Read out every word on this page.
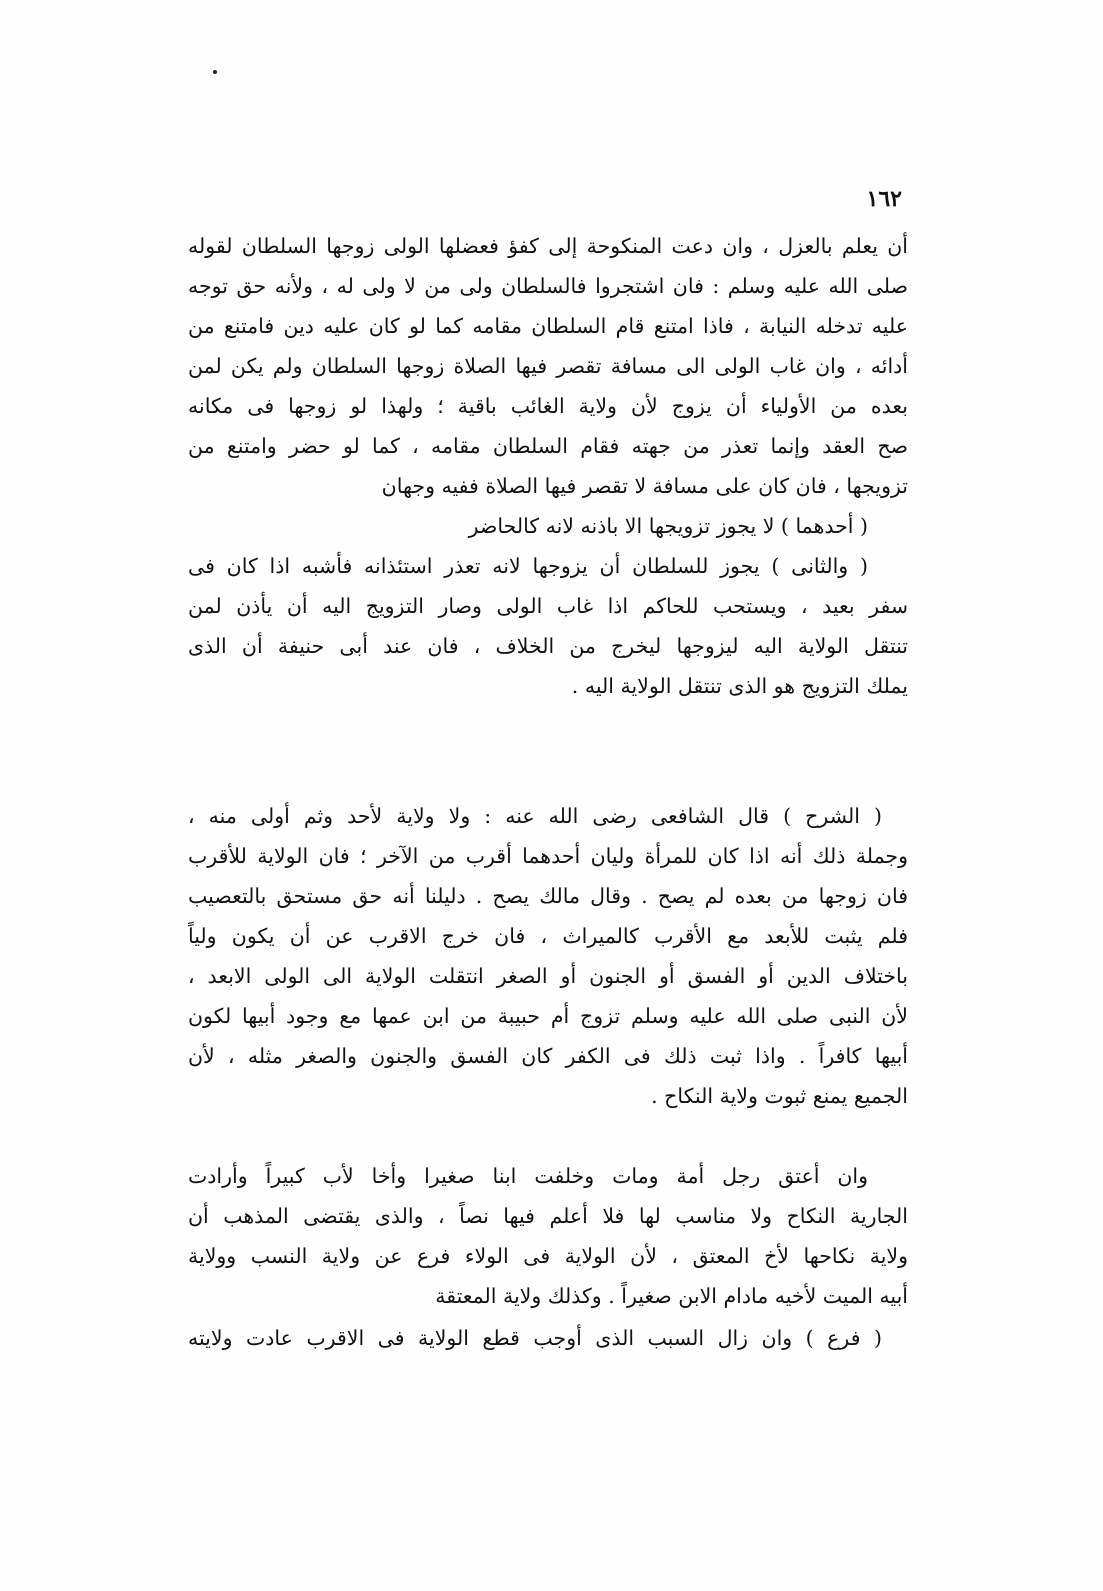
١٦٢
أن يعلم بالعزل ، وان دعت المنكوحة إلى كفؤ فعضلها الولى زوجها السلطان لقوله
صلى الله عليه وسلم : فان اشتجروا فالسلطان ولى من لا ولى له ، ولأنه حق توجه
عليه تدخله النيابة ، فاذا امتنع قام السلطان مقامه كما لو كان عليه دين فامتنع من
أدائه ، وان غاب الولى الى مسافة تقصر فيها الصلاة زوجها السلطان ولم يكن لمن
بعده من الأولياء أن يزوج لأن ولاية الغائب باقية ؛ ولهذا لو زوجها فى مكانه
صح العقد وإنما تعذر من جهته فقام السلطان مقامه ، كما لو حضر وامتنع من
تزويجها ، فان كان على مسافة لا تقصر فيها الصلاة ففيه وجهان
( أحدهما ) لا يجوز تزويجها الا باذنه لانه كالحاضر
( والثانى ) يجوز للسلطان أن يزوجها لانه تعذر استئذانه فأشبه اذا كان فى
سفر بعيد ، ويستحب للحاكم اذا غاب الولى وصار التزويج اليه أن يأذن لمن
تنتقل الولاية اليه ليزوجها ليخرج من الخلاف ، فان عند أبى حنيفة أن الذى
يملك التزويج هو الذى تنتقل الولاية اليه .
( الشرح ) قال الشافعى رضى الله عنه : ولا ولاية لأحد وثم أولى منه ،
وجملة ذلك أنه اذا كان للمرأة وليان أحدهما أقرب من الآخر ؛ فان الولاية للأقرب
فان زوجها من بعده لم يصح . وقال مالك يصح . دليلنا أنه حق مستحق بالتعصيب
فلم يثبت للأبعد مع الأقرب كالميراث ، فان خرج الاقرب عن أن يكون ولياً
باختلاف الدين أو الفسق أو الجنون أو الصغر انتقلت الولاية الى الولى الابعد ،
لأن النبى صلى الله عليه وسلم تزوج أم حبيبة من ابن عمها مع وجود أبيها لكون
أبيها كافراً . واذا ثبت ذلك فى الكفر كان الفسق والجنون والصغر مثله ، لأن
الجميع يمنع ثبوت ولاية النكاح .
وان أعتق رجل أمة ومات وخلفت ابنا صغيرا وأخا لأب كبيراً وأرادت
الجارية النكاح ولا مناسب لها فلا أعلم فيها نصاً ، والذى يقتضى المذهب أن
ولاية نكاحها لأخ المعتق ، لأن الولاية فى الولاء فرع عن ولاية النسب وولاية
أبيه الميت لأخيه مادام الابن صغيراً . وكذلك ولاية المعتقة
( فرع ) وان زال السبب الذى أوجب قطع الولاية فى الاقرب عادت ولايته
